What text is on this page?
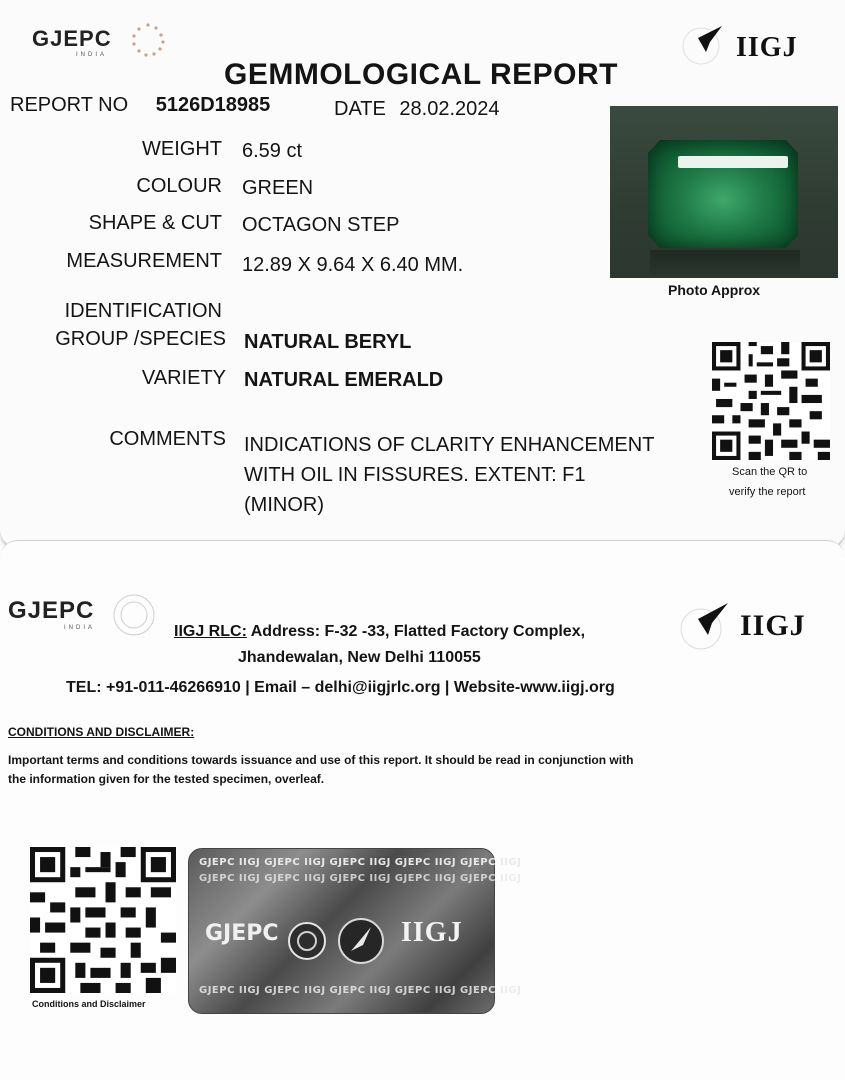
GJEPC
INDIA	IIGJ
GEMMOLOGICAL REPORT
REPORT NO 5126D18985	DATE 28.02.2024
WEIGHT 6.59 ct
COLOUR GREEN
SHAPE & CUT OCTAGON STEP
MEASUREMENT 12.89 X 9.64 X 6.40 MM.
IDENTIFICATION
GROUP /SPECIES NATURAL BERYL
VARIETY NATURAL EMERALD
COMMENTS INDICATIONS OF CLARITY ENHANCEMENT
WITH OIL IN FISSURES. EXTENT: F1
(MINOR)
Photo Approx
Scan the QR to
verify the report
GJEPC
INDIA	IIGJ
IIGJ RLC: Address: F-32 -33, Flatted Factory Complex,
Jhandewalan, New Delhi 110055
TEL: +91-011-46266910 | Email – delhi@iigjrlc.org | Website-www.iigj.org
CONDITIONS AND DISCLAIMER:
Important terms and conditions towards issuance and use of this report. It should be read in conjunction with
the information given for the tested specimen, overleaf.
Conditions and Disclaimer
GJEPC IIGJ GJEPC IIGJ GJEPC IIGJ GJEPC IIGJ GJEPC IIGJ
GJEPC IIGJ GJEPC IIGJ GJEPC IIGJ GJEPC IIGJ GJEPC IIGJ
GJEPC IIGJ GJEPC IIGJ GJEPC IIGJ GJEPC IIGJ GJEPC IIGJ
GJEPC	IIGJ
